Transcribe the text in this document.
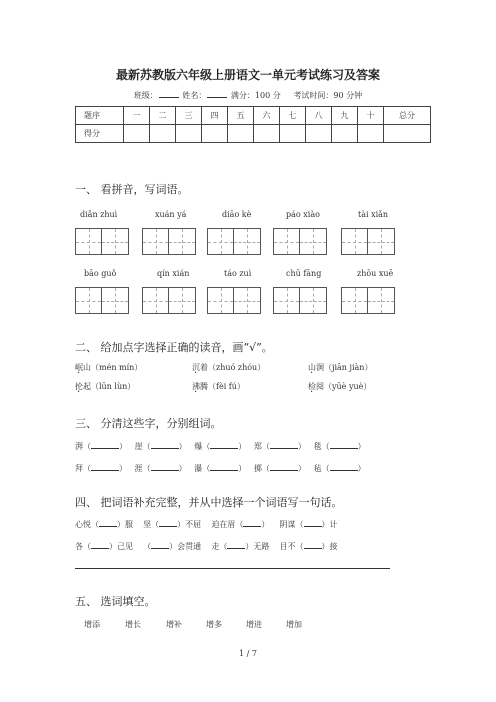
最新苏教版六年级上册语文一单元考试练习及答案
班级：	姓名：	满分：100 分 考试时间：90 分钟
题序	一	二	三	四	五	六	七	八	九	十	总分
得分											
一、 看拼音，写词语。
diǎn zhuì	xuán yá	diāo kè	páo xiào	tài xiǎn
bāo guǒ	qín xián	táo zuì	chū fāng	zhōu xuē
二、 给加点字选择正确的读音，画“√”。
岷山（mén mín）	沉着（zhuó zhóu）	山涧（jiān jiàn）
抡起（lūn lùn）	沸腾（fèi fú）	检阅（yūè yuè）
三、 分清这些字，分别组词。
湃（	） 崖（	） 爆（	） 郑（	） 毯（	）
拜（	） 涯（	） 瀑（	） 掷（	） 毡（	）
四、 把词语补充完整，并从中选择一个词语写一句话。
心悦（ ）服 坚（ ）不屈 迫在眉（ ） 阴谋（ ）计
各（ ）己见 （ ）会贯通 走（ ）无路 目不（ ）接
五、 选词填空。
增添	增长	增补	增多	增进	增加
1 / 7
